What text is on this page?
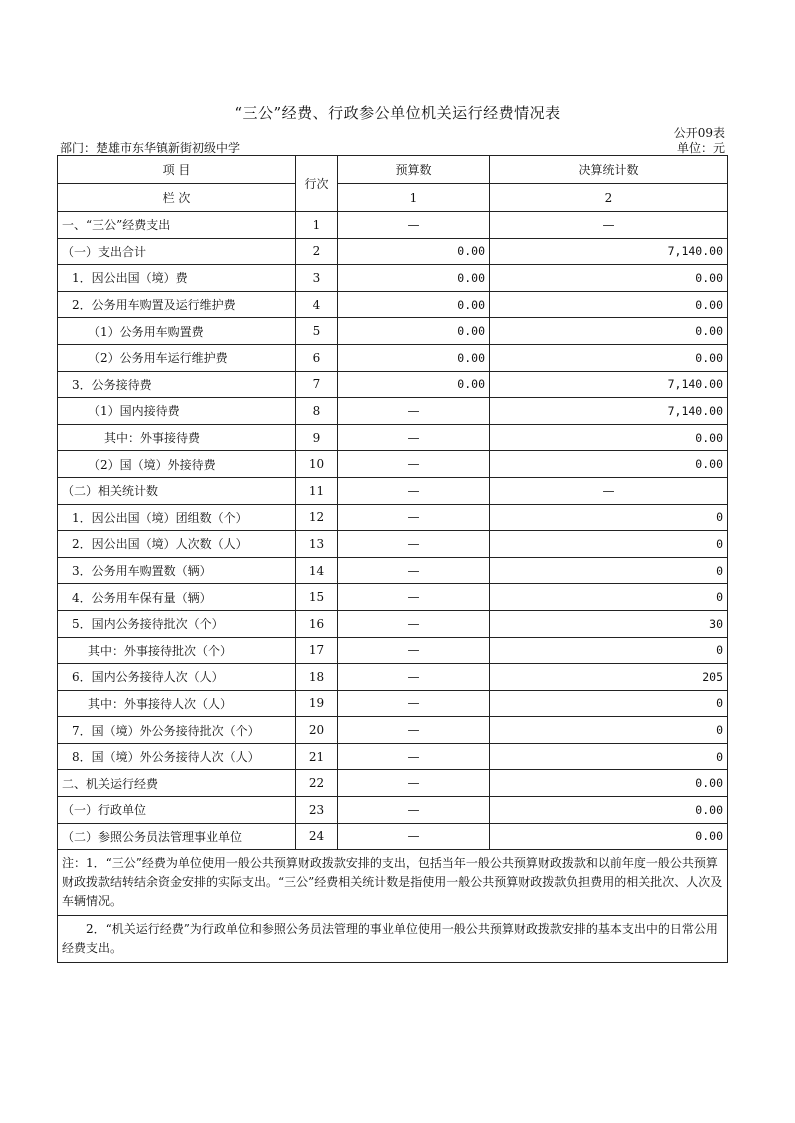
“三公”经费、行政参公单位机关运行经费情况表
公开09表
部门：楚雄市东华镇新街初级中学	单位：元
项 目	行次	预算数	决算统计数
栏 次		1	2
一、“三公”经费支出	1	—	—
（一）支出合计	2	0.00	7,140.00
1．因公出国（境）费	3	0.00	0.00
2．公务用车购置及运行维护费	4	0.00	0.00
（1）公务用车购置费	5	0.00	0.00
（2）公务用车运行维护费	6	0.00	0.00
3．公务接待费	7	0.00	7,140.00
（1）国内接待费	8	—	7,140.00
其中：外事接待费	9	—	0.00
（2）国（境）外接待费	10	—	0.00
（二）相关统计数	11	—	—
1．因公出国（境）团组数（个）	12	—	0
2．因公出国（境）人次数（人）	13	—	0
3．公务用车购置数（辆）	14	—	0
4．公务用车保有量（辆）	15	—	0
5．国内公务接待批次（个）	16	—	30
其中：外事接待批次（个）	17	—	0
6．国内公务接待人次（人）	18	—	205
其中：外事接待人次（人）	19	—	0
7．国（境）外公务接待批次（个）	20	—	0
8．国（境）外公务接待人次（人）	21	—	0
二、机关运行经费	22	—	0.00
（一）行政单位	23	—	0.00
（二）参照公务员法管理事业单位	24	—	0.00
注：1．“三公”经费为单位使用一般公共预算财政拨款安排的支出，包括当年一般公共预算财政拨款和以前年度一般公共预算财政拨款结转结余资金安排的实际支出。“三公”经费相关统计数是指使用一般公共预算财政拨款负担费用的相关批次、人次及 车辆情况。			
2．“机关运行经费”为行政单位和参照公务员法管理的事业单位使用一般公共预算财政拨款安排的基本支出中的日常公用经费支出。			
